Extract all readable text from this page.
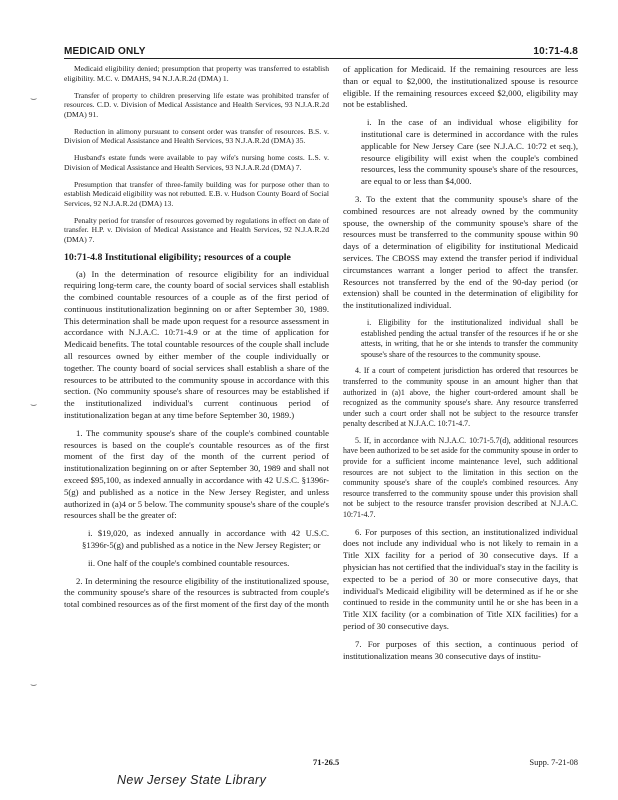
MEDICAID ONLY	10:71-4.8
⌣
⌣
⌣

Medicaid eligibility denied; presumption that property was transferred to establish eligibility. M.C. v. DMAHS, 94 N.J.A.R.2d (DMA) 1.

Transfer of property to children preserving life estate was prohibited transfer of resources. C.D. v. Division of Medical Assistance and Health Services, 93 N.J.A.R.2d (DMA) 91.

Reduction in alimony pursuant to consent order was transfer of resources. B.S. v. Division of Medical Assistance and Health Services, 93 N.J.A.R.2d (DMA) 35.

Husband's estate funds were available to pay wife's nursing home costs. L.S. v. Division of Medical Assistance and Health Services, 93 N.J.A.R.2d (DMA) 7.

Presumption that transfer of three-family building was for purpose other than to establish Medicaid eligibility was not rebutted. E.B. v. Hudson County Board of Social Services, 92 N.J.A.R.2d (DMA) 13.

Penalty period for transfer of resources governed by regulations in effect on date of transfer. H.P. v. Division of Medical Assistance and Health Services, 92 N.J.A.R.2d (DMA) 7.

10:71-4.8 Institutional eligibility; resources of a couple

(a) In the determination of resource eligibility for an individual requiring long-term care, the county board of social services shall establish the combined countable resources of a couple as of the first period of continuous institutionalization beginning on or after September 30, 1989. This determination shall be made upon request for a resource assessment in accordance with N.J.A.C. 10:71-4.9 or at the time of application for Medicaid benefits. The total countable resources of the couple shall include all resources owned by either member of the couple individually or together. The county board of social services shall establish a share of the resources to be attributed to the community spouse in accordance with this section. (No community spouse's share of resources may be established if the institutionalized individual's current continuous period of institutionalization began at any time before September 30, 1989.)

1. The community spouse's share of the couple's combined countable resources is based on the couple's countable resources as of the first moment of the first day of the month of the current period of institutionalization beginning on or after September 30, 1989 and shall not exceed $95,100, as indexed annually in accordance with 42 U.S.C. §1396r-5(g) and published as a notice in the New Jersey Register, and unless authorized in (a)4 or 5 below. The community spouse's share of the couple's resources shall be the greater of:

i. $19,020, as indexed annually in accordance with 42 U.S.C. §1396r-5(g) and published as a notice in the New Jersey Register; or

ii. One half of the couple's combined countable resources.

2. In determining the resource eligibility of the institutionalized spouse, the community spouse's share of the resources is subtracted from couple's total combined resources as of the first moment of the first day of the month

of application for Medicaid. If the remaining resources are less than or equal to $2,000, the institutionalized spouse is resource eligible. If the remaining resources exceed $2,000, eligibility may not be established.

i. In the case of an individual whose eligibility for institutional care is determined in accordance with the rules applicable for New Jersey Care (see N.J.A.C. 10:72 et seq.), resource eligibility will exist when the couple's combined resources, less the community spouse's share of the resources, are equal to or less than $4,000.

3. To the extent that the community spouse's share of the combined resources are not already owned by the community spouse, the ownership of the community spouse's share of the resources must be transferred to the community spouse within 90 days of a determination of eligibility for institutional Medicaid services. The CBOSS may extend the transfer period if individual circumstances warrant a longer period to affect the transfer. Resources not transferred by the end of the 90-day period (or extension) shall be counted in the determination of eligibility for the institutionalized individual.

i. Eligibility for the institutionalized individual shall be established pending the actual transfer of the resources if he or she attests, in writing, that he or she intends to transfer the community spouse's share of the resources to the community spouse.

4. If a court of competent jurisdiction has ordered that resources be transferred to the community spouse in an amount higher than that authorized in (a)1 above, the higher court-ordered amount shall be recognized as the community spouse's share. Any resource transferred under such a court order shall not be subject to the resource transfer penalty described at N.J.A.C. 10:71-4.7.

5. If, in accordance with N.J.A.C. 10:71-5.7(d), additional resources have been authorized to be set aside for the community spouse in order to provide for a sufficient income maintenance level, such additional resources are not subject to the limitation in this section on the community spouse's share of the couple's combined resources. Any resource transferred to the community spouse under this provision shall not be subject to the resource transfer provision described at N.J.A.C. 10:71-4.7.

6. For purposes of this section, an institutionalized individual does not include any individual who is not likely to remain in a Title XIX facility for a period of 30 consecutive days. If a physician has not certified that the individual's stay in the facility is expected to be a period of 30 or more consecutive days, that individual's Medicaid eligibility will be determined as if he or she continued to reside in the community until he or she has been in a Title XIX facility (or a combination of Title XIX facilities) for a period of 30 consecutive days.

7. For purposes of this section, a continuous period of institutionalization means 30 consecutive days of institu-

71-26.5	Supp. 7-21-08
New Jersey State Library
